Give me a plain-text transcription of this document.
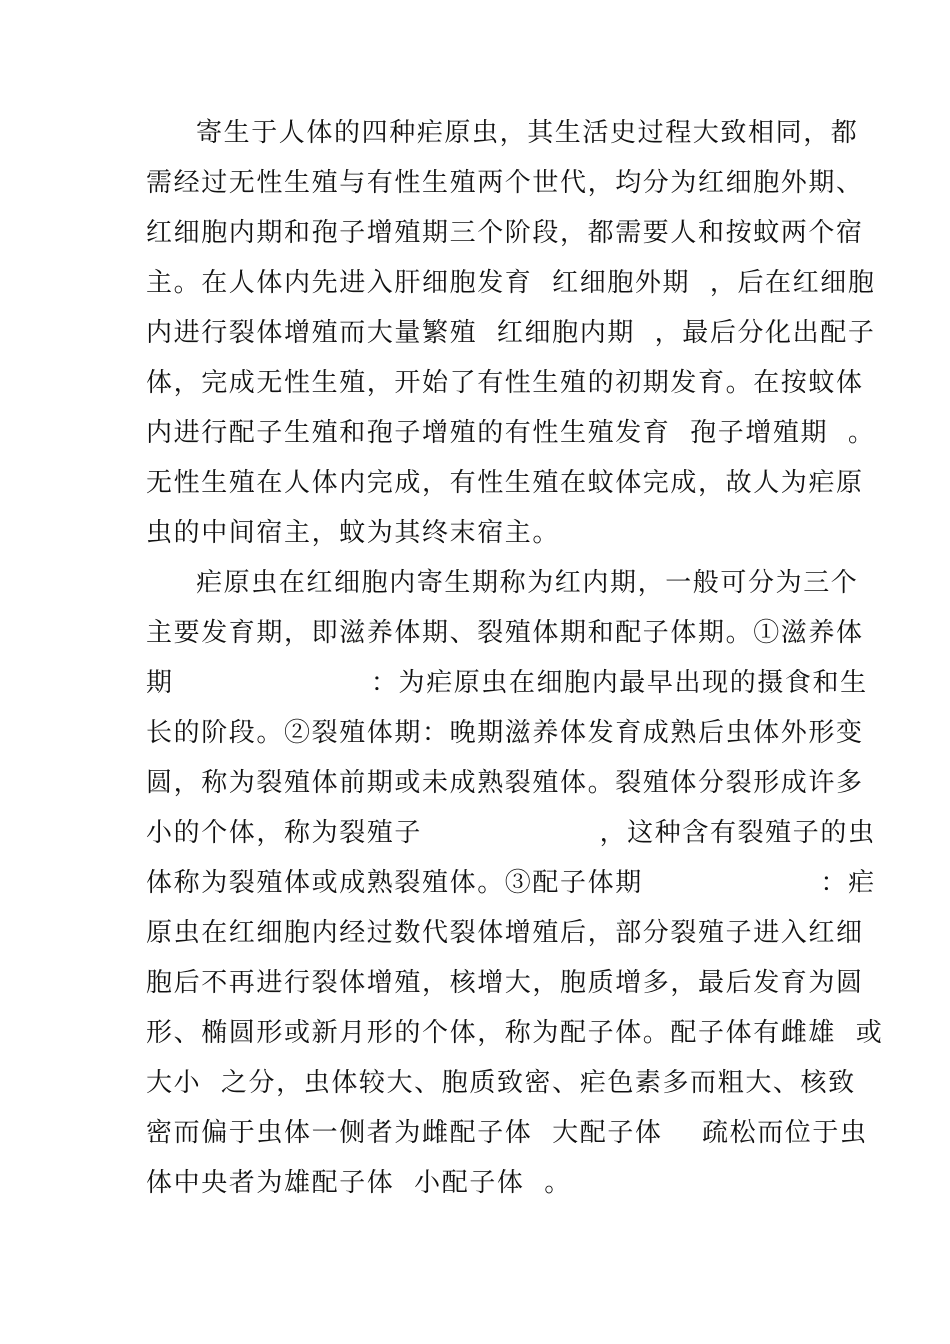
寄生于人体的四种疟原虫，其生活史过程大致相同，都
需经过无性生殖与有性生殖两个世代，均分为红细胞外期、
红细胞内期和孢子增殖期三个阶段，都需要人和按蚊两个宿
主。在人体内先进入肝细胞发育  红细胞外期  ，后在红细胞
内进行裂体增殖而大量繁殖  红细胞内期  ，最后分化出配子
体，完成无性生殖，开始了有性生殖的初期发育。在按蚊体
内进行配子生殖和孢子增殖的有性生殖发育  孢子增殖期  。
无性生殖在人体内完成，有性生殖在蚊体完成，故人为疟原
虫的中间宿主，蚊为其终末宿主。
疟原虫在红细胞内寄生期称为红内期，一般可分为三个
主要发育期，即滋养体期、裂殖体期和配子体期。①滋养体
期                    ：为疟原虫在细胞内最早出现的摄食和生
长的阶段。②裂殖体期：晚期滋养体发育成熟后虫体外形变
圆，称为裂殖体前期或未成熟裂殖体。裂殖体分裂形成许多
小的个体，称为裂殖子                  ，这种含有裂殖子的虫
体称为裂殖体或成熟裂殖体。③配子体期                  ：疟
原虫在红细胞内经过数代裂体增殖后，部分裂殖子进入红细
胞后不再进行裂体增殖，核增大，胞质增多，最后发育为圆
形、椭圆形或新月形的个体，称为配子体。配子体有雌雄  或
大小  之分，虫体较大、胞质致密、疟色素多而粗大、核致
密而偏于虫体一侧者为雌配子体  大配子体    疏松而位于虫
体中央者为雄配子体  小配子体  。
